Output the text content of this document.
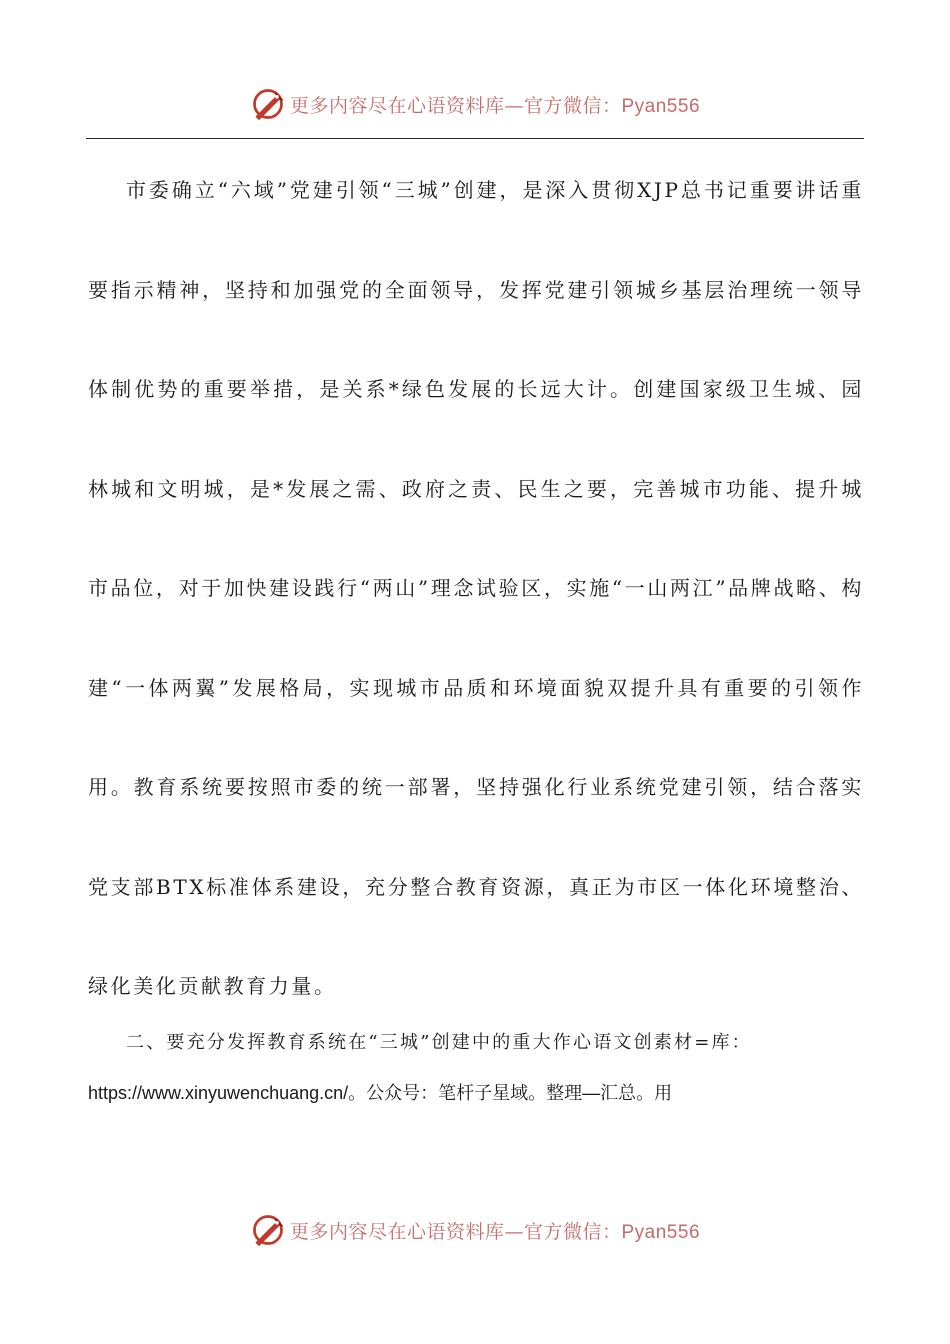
更多内容尽在心语资料库—官方微信：Pyan556

市委确立“六域”党建引领“三城”创建，是深入贯彻XJP总书记重要讲话重要指示精神，坚持和加强党的全面领导，发挥党建引领城乡基层治理统一领导体制优势的重要举措，是关系*绿色发展的长远大计。创建国家级卫生城、园林城和文明城，是*发展之需、政府之责、民生之要，完善城市功能、提升城市品位，对于加快建设践行“两山”理念试验区，实施“一山两江”品牌战略、构建“一体两翼”发展格局，实现城市品质和环境面貌双提升具有重要的引领作用。教育系统要按照市委的统一部署，坚持强化行业系统党建引领，结合落实党支部BTX标准体系建设，充分整合教育资源，真正为市区一体化环境整治、绿化美化贡献教育力量。

二、要充分发挥教育系统在“三城”创建中的重大作心语文创素材=库：https://www.xinyuwenchuang.cn/。公众号：笔杆子星域。整理—汇总。用

更多内容尽在心语资料库—官方微信：Pyan556
